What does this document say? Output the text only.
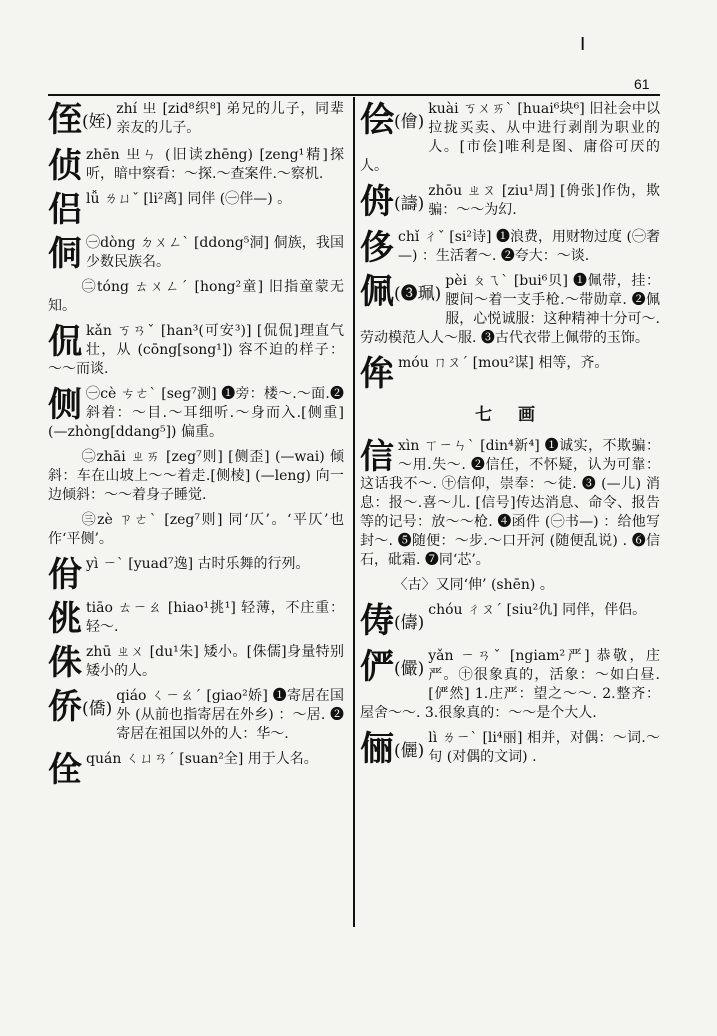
ǀ
61
侄(姪)
zhí 㞢 [zid⁸织⁸] 弟兄的儿子，同辈亲友的儿子。
侦zhēn 㞢ㄣ (旧读zhēng) [zeng¹精]探听，暗中察看：～探.～查案件.～察机.
侣lǚ ㄌㄩˇ [li²离] 同伴 (㊀伴—) 。
侗 ㊀dòng ㄉㄨㄥˋ [ddong⁵洞] 侗族，我国少数民族名。
㊁tóng ㄊㄨㄥˊ [hong²童] 旧指童蒙无知。
侃kǎn ㄎㄢˇ [han³(可安³)] [侃侃]理直气壮，从 (cōng[song¹]) 容不迫的样子：～～而谈.
侧 ㊀cè ㄘㄜˋ [seg⁷测] ❶旁：楼～.～面.❷斜着：～目.～耳细听.～身而入.[侧重] (—zhòng[ddang⁵]) 偏重。
㊁zhāi ㄓㄞ [zeg⁷则] [侧歪] (—wai) 倾斜：车在山坡上～～着走.[侧棱] (—leng) 向一边倾斜：～～着身子睡觉.
㊂zè ㄗㄜˋ [zeg⁷则] 同‘仄’。‘平仄’也作‘平侧’。
佾yì ㄧˋ [yuad⁷逸] 古时乐舞的行列。
佻tiāo ㄊㄧㄠ [hiao¹挑¹] 轻薄，不庄重：轻～.
侏zhū ㄓㄨ [du¹朱] 矮小。[侏儒]身量特别矮小的人。
侨(僑)
qiáo ㄑㄧㄠˊ [giao²娇] ❶寄居在国外 (从前也指寄居在外乡) ：～居. ❷寄居在祖国以外的人：华～.
佺quán ㄑㄩㄢˊ [suan²全] 用于人名。
侩(儈)
kuài ㄎㄨㄞˋ [huai⁶块⁶] 旧社会中以拉拢买卖、从中进行剥削为职业的人。[市侩]唯利是图、庸俗可厌的人。
侜(譸)
zhōu ㄓㄡ [ziu¹周] [侜张]作伪，欺骗：～～为幻.
侈chǐ ㄔˇ [si²诗] ❶浪费，用财物过度 (㊀奢—) ：生活奢～. ❷夸大：～谈.
佩(❸珮)
pèi ㄆㄟˋ [bui⁶贝] ❶佩带，挂：腰间～着一支手枪.～带勋章. ❷佩服，心悦诚服：这种精神十分可～.劳动模范人人～服. ❸古代衣带上佩带的玉饰。
侔móu ㄇㄡˊ [mou²谋] 相等，齐。
七 画
信xìn ㄒㄧㄣˋ [din⁴新⁴] ❶诚实，不欺骗：～用.失～. ❷信任，不怀疑，认为可靠：这话我不～. ㊉信仰，崇奉：～徒. ❸ (—儿) 消息：报～.喜～儿. [信号]传达消息、命令、报告等的记号：放～～枪. ❹函件 (㊀书—) ：给他写封～. ❺随便：～步.～口开河 (随便乱说) . ❻信石，砒霜. ❼同‘芯’。
〈古〉又同‘伸’ (shēn) 。
俦(儔)
chóu ㄔㄡˊ [siu²仇] 同伴，伴侣。
俨(儼)
yǎn ㄧㄢˇ [ngiam²严] 恭敬，庄严。㊉很象真的，活象：～如白昼. [俨然] 1.庄严：望之～～. 2.整齐：屋舍～～. 3.很象真的：～～是个大人.
俪(儷)
lì ㄌㄧˋ [li⁴丽] 相并，对偶：～词.～句 (对偶的文词) .
